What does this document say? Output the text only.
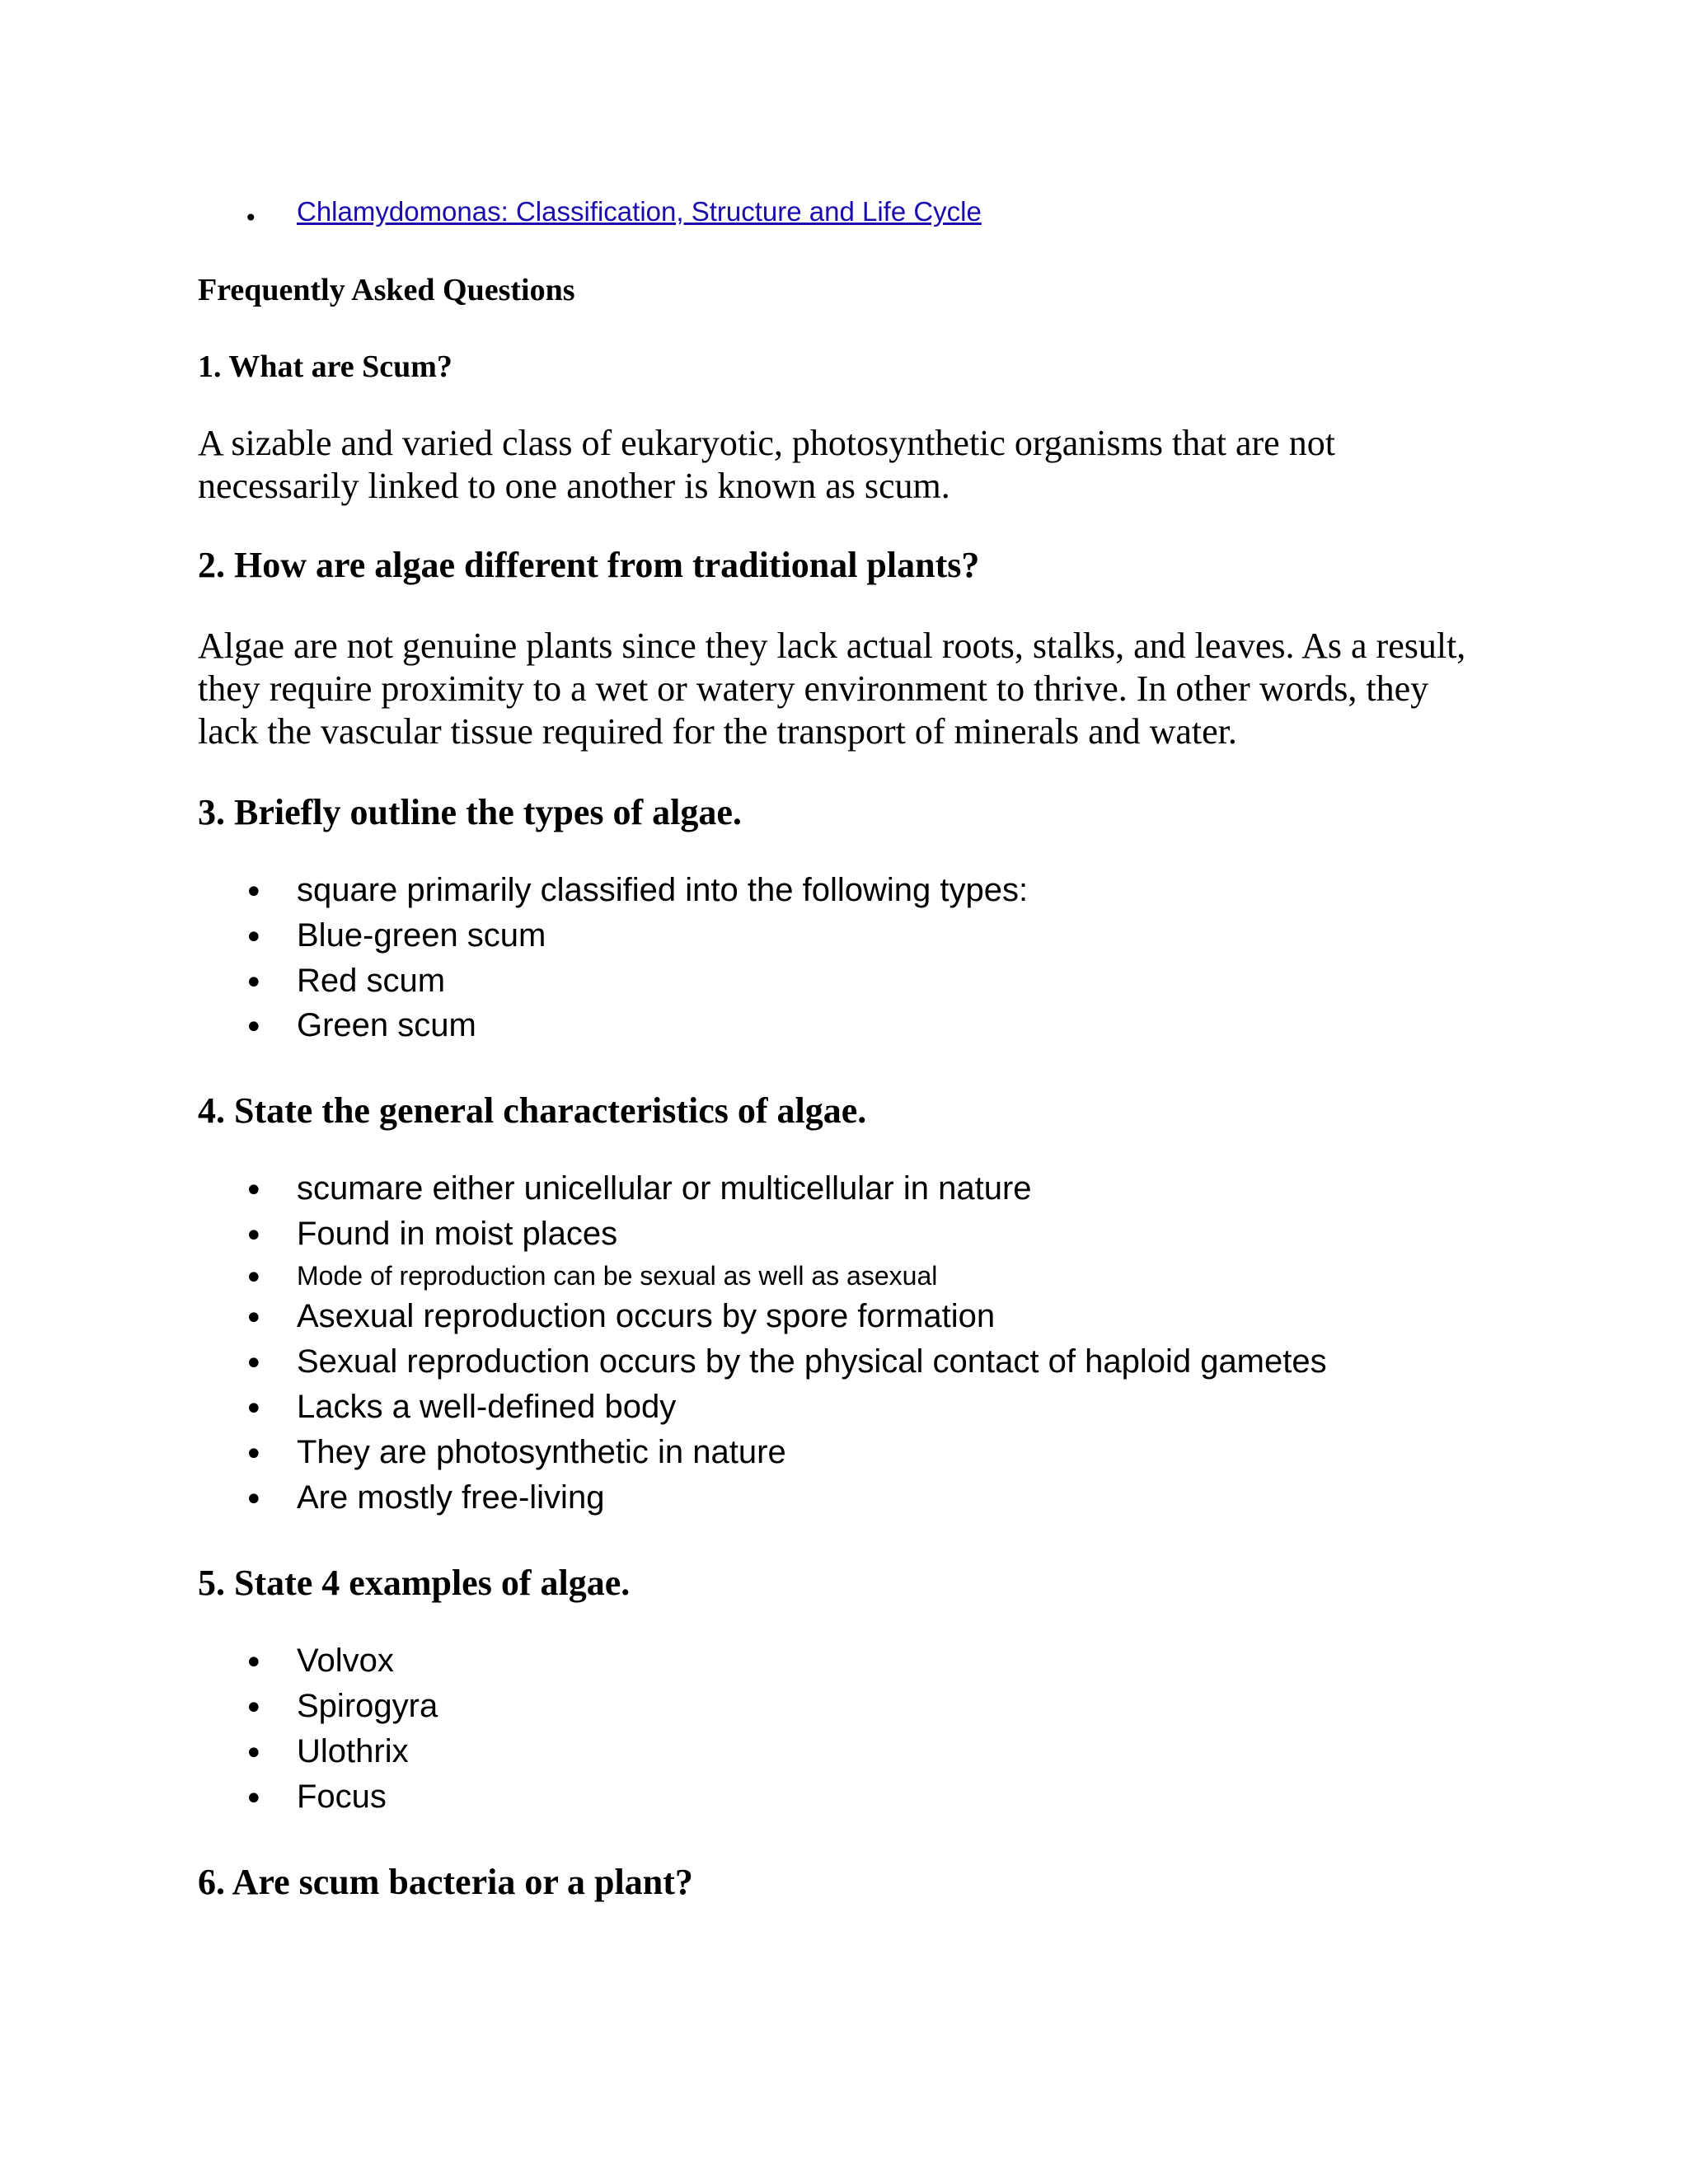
• Chlamydomonas: Classification, Structure and Life Cycle
Frequently Asked Questions
1. What are Scum?
A sizable and varied class of eukaryotic, photosynthetic organisms that are not necessarily linked to one another is known as scum.
2. How are algae different from traditional plants?
Algae are not genuine plants since they lack actual roots, stalks, and leaves. As a result, they require proximity to a wet or watery environment to thrive. In other words, they lack the vascular tissue required for the transport of minerals and water.
3. Briefly outline the types of algae.
• square primarily classified into the following types:
• Blue-green scum
• Red scum
• Green scum
4. State the general characteristics of algae.
• scumare either unicellular or multicellular in nature
• Found in moist places
• Mode of reproduction can be sexual as well as asexual
• Asexual reproduction occurs by spore formation
• Sexual reproduction occurs by the physical contact of haploid gametes
• Lacks a well-defined body
• They are photosynthetic in nature
• Are mostly free-living
5. State 4 examples of algae.
• Volvox
• Spirogyra
• Ulothrix
• Focus
6. Are scum bacteria or a plant?
